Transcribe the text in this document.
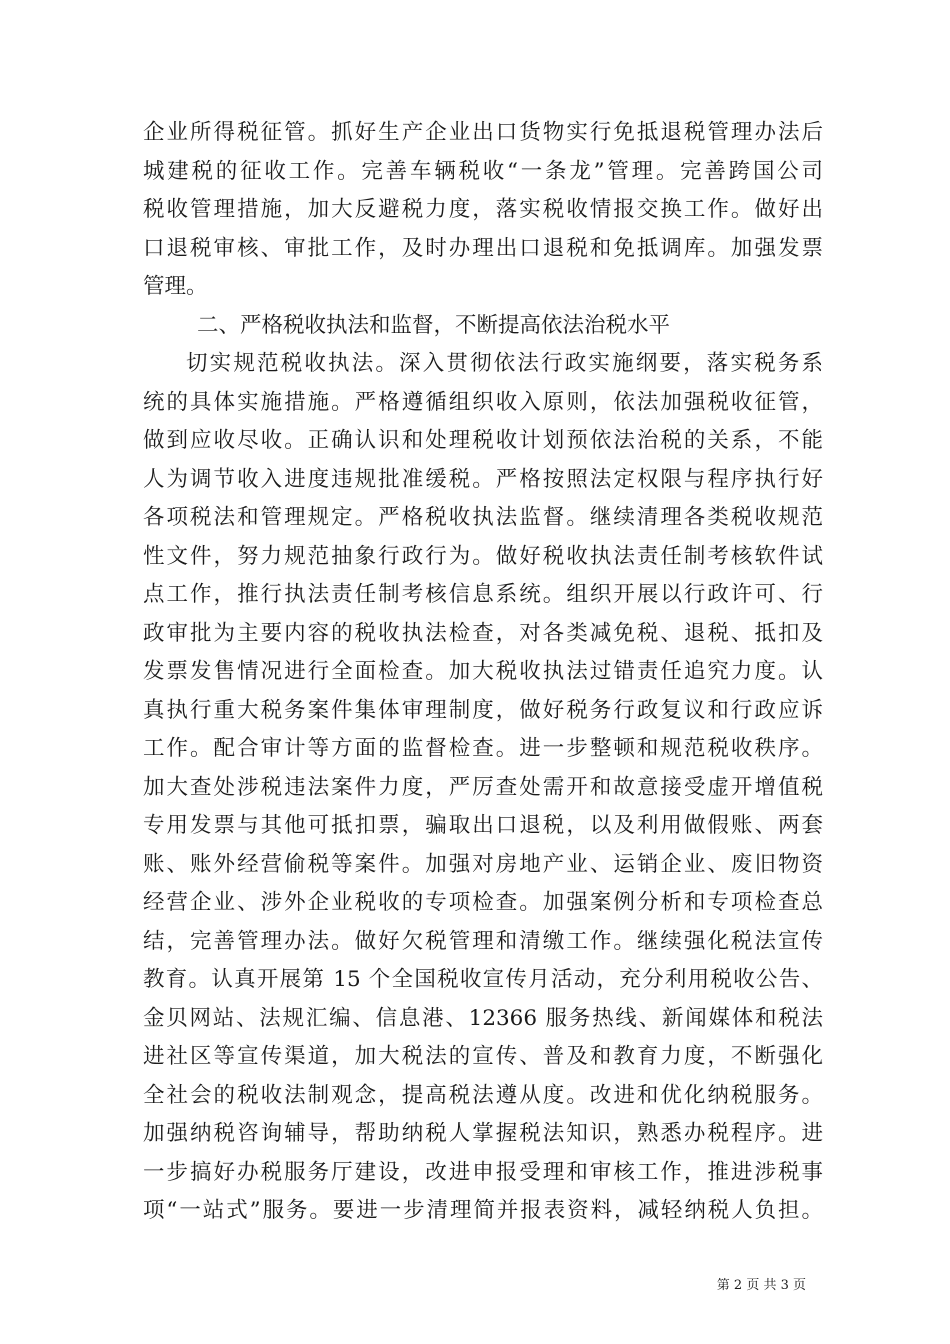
企业所得税征管。抓好生产企业出口货物实行免抵退税管理办法后
城建税的征收工作。完善车辆税收“一条龙”管理。完善跨国公司
税收管理措施，加大反避税力度，落实税收情报交换工作。做好出
口退税审核、审批工作，及时办理出口退税和免抵调库。加强发票
管理。
二、严格税收执法和监督，不断提高依法治税水平
切实规范税收执法。深入贯彻依法行政实施纲要，落实税务系
统的具体实施措施。严格遵循组织收入原则，依法加强税收征管，
做到应收尽收。正确认识和处理税收计划预依法治税的关系，不能
人为调节收入进度违规批准缓税。严格按照法定权限与程序执行好
各项税法和管理规定。严格税收执法监督。继续清理各类税收规范
性文件，努力规范抽象行政行为。做好税收执法责任制考核软件试
点工作，推行执法责任制考核信息系统。组织开展以行政许可、行
政审批为主要内容的税收执法检查，对各类减免税、退税、抵扣及
发票发售情况进行全面检查。加大税收执法过错责任追究力度。认
真执行重大税务案件集体审理制度，做好税务行政复议和行政应诉
工作。配合审计等方面的监督检查。进一步整顿和规范税收秩序。
加大查处涉税违法案件力度，严厉查处需开和故意接受虚开增值税
专用发票与其他可抵扣票，骗取出口退税，以及利用做假账、两套
账、账外经营偷税等案件。加强对房地产业、运销企业、废旧物资
经营企业、涉外企业税收的专项检查。加强案例分析和专项检查总
结，完善管理办法。做好欠税管理和清缴工作。继续强化税法宣传
教育。认真开展第 15 个全国税收宣传月活动，充分利用税收公告、
金贝网站、法规汇编、信息港、12366 服务热线、新闻媒体和税法
进社区等宣传渠道，加大税法的宣传、普及和教育力度，不断强化
全社会的税收法制观念，提高税法遵从度。改进和优化纳税服务。
加强纳税咨询辅导，帮助纳税人掌握税法知识，熟悉办税程序。进
一步搞好办税服务厅建设，改进申报受理和审核工作，推进涉税事
项“一站式”服务。要进一步清理简并报表资料，减轻纳税人负担。
第 2 页 共 3 页
